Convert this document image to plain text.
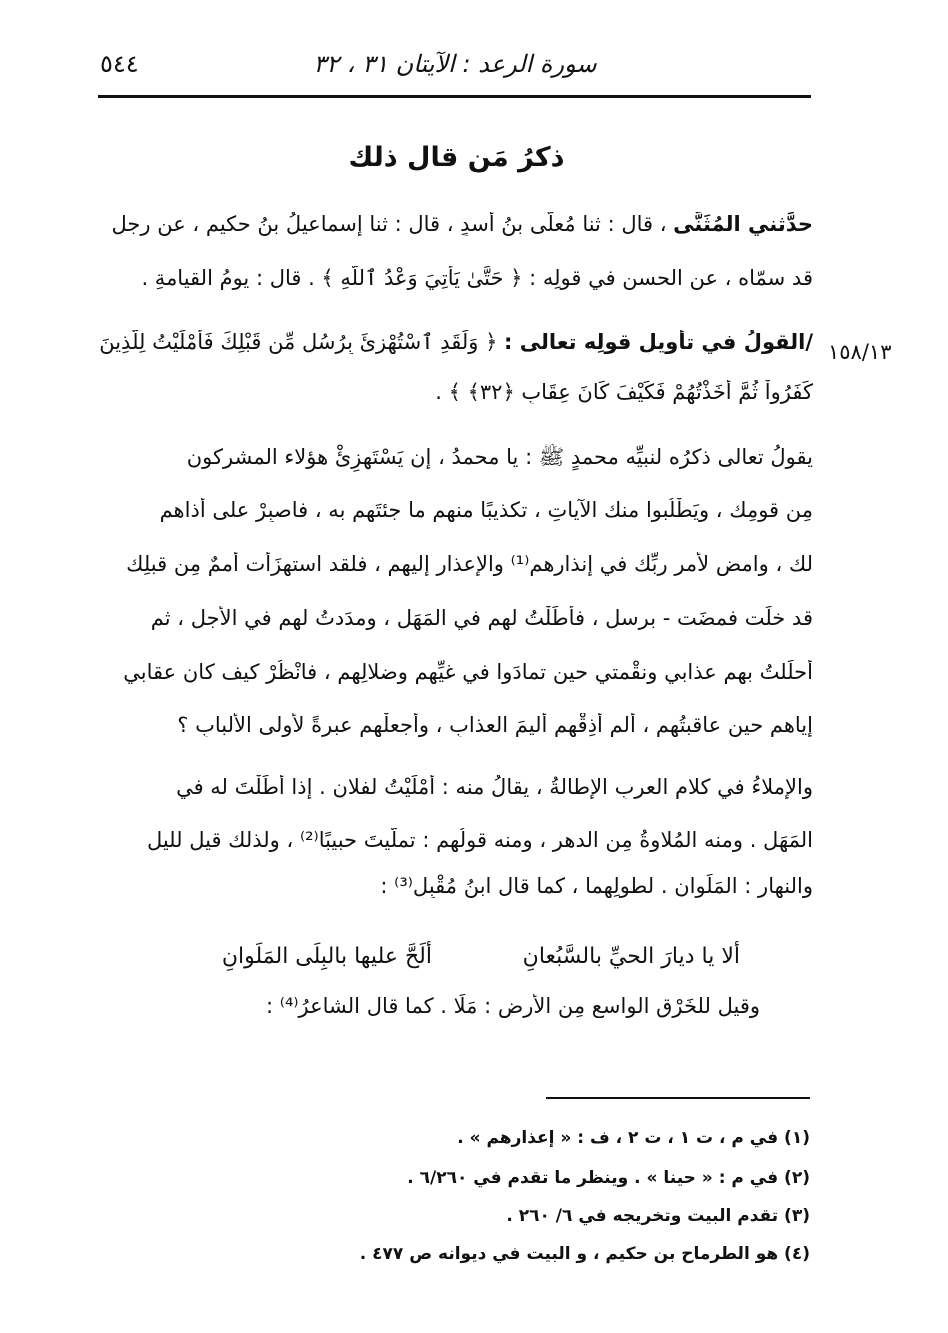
٥٤٤	سورة الرعد : الآيتان ٣١ ، ٣٢
ذكرُ مَن قال ذلك
حدَّثني المُثَنَّى ، قال : ثنا مُعلَّى بنُ أسدٍ ، قال : ثنا إسماعيلُ بنُ حكيمٍ ، عن رجلٍ
قد سمّاه ، عن الحسنِ في قولِه : ﴿ حَتَّىٰ يَأْتِيَ وَعْدُ ٱللَّهِ ﴾ . قال : يومُ القيامةِ .
١٥٨/١٣
/القولُ في تأويلِ قولِه تعالى : ﴿ وَلَقَدِ ٱسْتُهْزِئَ بِرُسُلٍ مِّن قَبْلِكَ فَأَمْلَيْتُ لِلَّذِينَ
كَفَرُواْ ثُمَّ أَخَذْتُهُمْ فَكَيْفَ كَانَ عِقَابِ ﴿٣٢﴾ ﴾ .
يقولُ تعالى ذكرُه لنبيِّه محمدٍ ﷺ : يا محمدُ ، إن يَسْتَهزِئْ هؤلاء المشركون
مِن قومِك ، ويَطْلُبوا منك الآياتِ ، تكذيبًا منهم ما جئتَهم به ، فاصبِرْ على أذاهم
لك ، وامضِ لأمرِ ربِّك في إنذارِهم⁽¹⁾ والإعذارِ إليهم ، فلقد استهزَأت أممٌ مِن قبلِك
قد خلَت فمضَت - برسلٍ ، فأطَلْتُ لهم في المَهَلِ ، ومدَدتُ لهم في الأجلِ ، ثم
أحلَلتُ بهم عذابي ونقْمتي حين تمادَوا في غيِّهم وضلالِهم ، فانْظُرْ كيف كان عقابي
إياهم حين عاقبتُهم ، ألم أُذِقْهم أليمَ العذابِ ، وأجعلْهم عبرةً لأولى الألبابِ ؟
والإملاءُ في كلامِ العربِ الإطالةُ ، يقالُ منه : أمْلَيْتُ لفلانٍ . إذا أطَلْتَ له في
المَهَلِ . ومنه المُلاوةُ مِن الدهرِ ، ومنه قولُهم : تملَّيتَ حبيبًا⁽²⁾ ، ولذلك قيل لليلِ
والنهارِ : المَلَوان . لطولِهما ، كما قال ابنُ مُقْبِلٍ⁽³⁾ :
ألا يا ديارَ الحيِّ بالسَّبُعانِ
ألَحَّ عليها بالبِلَى المَلَوانِ
وقيل للخَرْقِ الواسعِ مِن الأرضِ : مَلًا . كما قال الشاعرُ⁽⁴⁾ :
(١) في م ، ت ١ ، ت ٢ ، ف : « إعذارهم » .
(٢) في م : « حينا » . وينظر ما تقدم في ٦/٢٦٠ .
(٣) تقدم البيت وتخريجه في ٦/ ٢٦٠ .
(٤) هو الطرماح بن حكيم ، و البيت في ديوانه ص ٤٧٧ .
